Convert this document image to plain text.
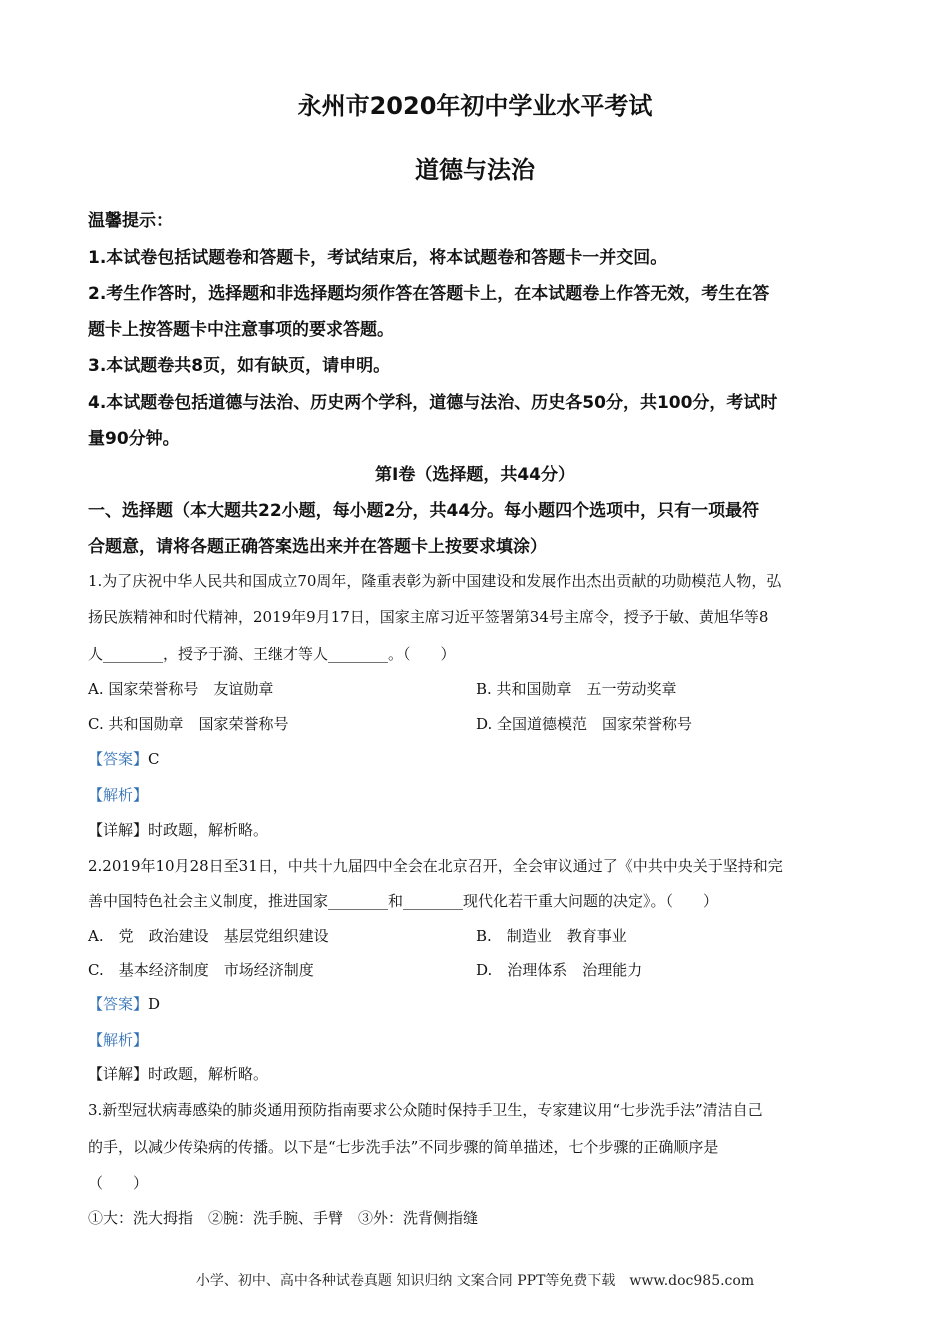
永州市2020年初中学业水平考试
道德与法治
温馨提示：
1.本试卷包括试题卷和答题卡，考试结束后，将本试题卷和答题卡一并交回。
2.考生作答时，选择题和非选择题均须作答在答题卡上，在本试题卷上作答无效，考生在答
题卡上按答题卡中注意事项的要求答题。
3.本试题卷共8页，如有缺页，请申明。
4.本试题卷包括道德与法治、历史两个学科，道德与法治、历史各50分，共100分，考试时
量90分钟。
第Ⅰ卷（选择题，共44分）
一、选择题（本大题共22小题，每小题2分，共44分。每小题四个选项中，只有一项最符
合题意，请将各题正确答案选出来并在答题卡上按要求填涂）
1.为了庆祝中华人民共和国成立70周年，隆重表彰为新中国建设和发展作出杰出贡献的功勋模范人物，弘
扬民族精神和时代精神，2019年9月17日，国家主席习近平签署第34号主席令，授予于敏、黄旭华等8
人________，授予于漪、王继才等人________。（　　）
A. 国家荣誉称号　友谊勋章	B. 共和国勋章　五一劳动奖章
C. 共和国勋章　国家荣誉称号	D. 全国道德模范　国家荣誉称号
【答案】C
【解析】
【详解】时政题，解析略。
2.2019年10月28日至31日，中共十九届四中全会在北京召开，全会审议通过了《中共中央关于坚持和完
善中国特色社会主义制度，推进国家________和________现代化若干重大问题的决定》。（　　）
A.　党　政治建设　基层党组织建设	B.　制造业　教育事业
C.　基本经济制度　市场经济制度	D.　治理体系　治理能力
【答案】D
【解析】
【详解】时政题，解析略。
3.新型冠状病毒感染的肺炎通用预防指南要求公众随时保持手卫生，专家建议用“七步洗手法”清洁自己
的手，以减少传染病的传播。以下是“七步洗手法”不同步骤的简单描述，七个步骤的正确顺序是
（　　）
①大：洗大拇指　②腕：洗手腕、手臂　③外：洗背侧指缝
小学、初中、高中各种试卷真题 知识归纳 文案合同 PPT等免费下载　www.doc985.com
